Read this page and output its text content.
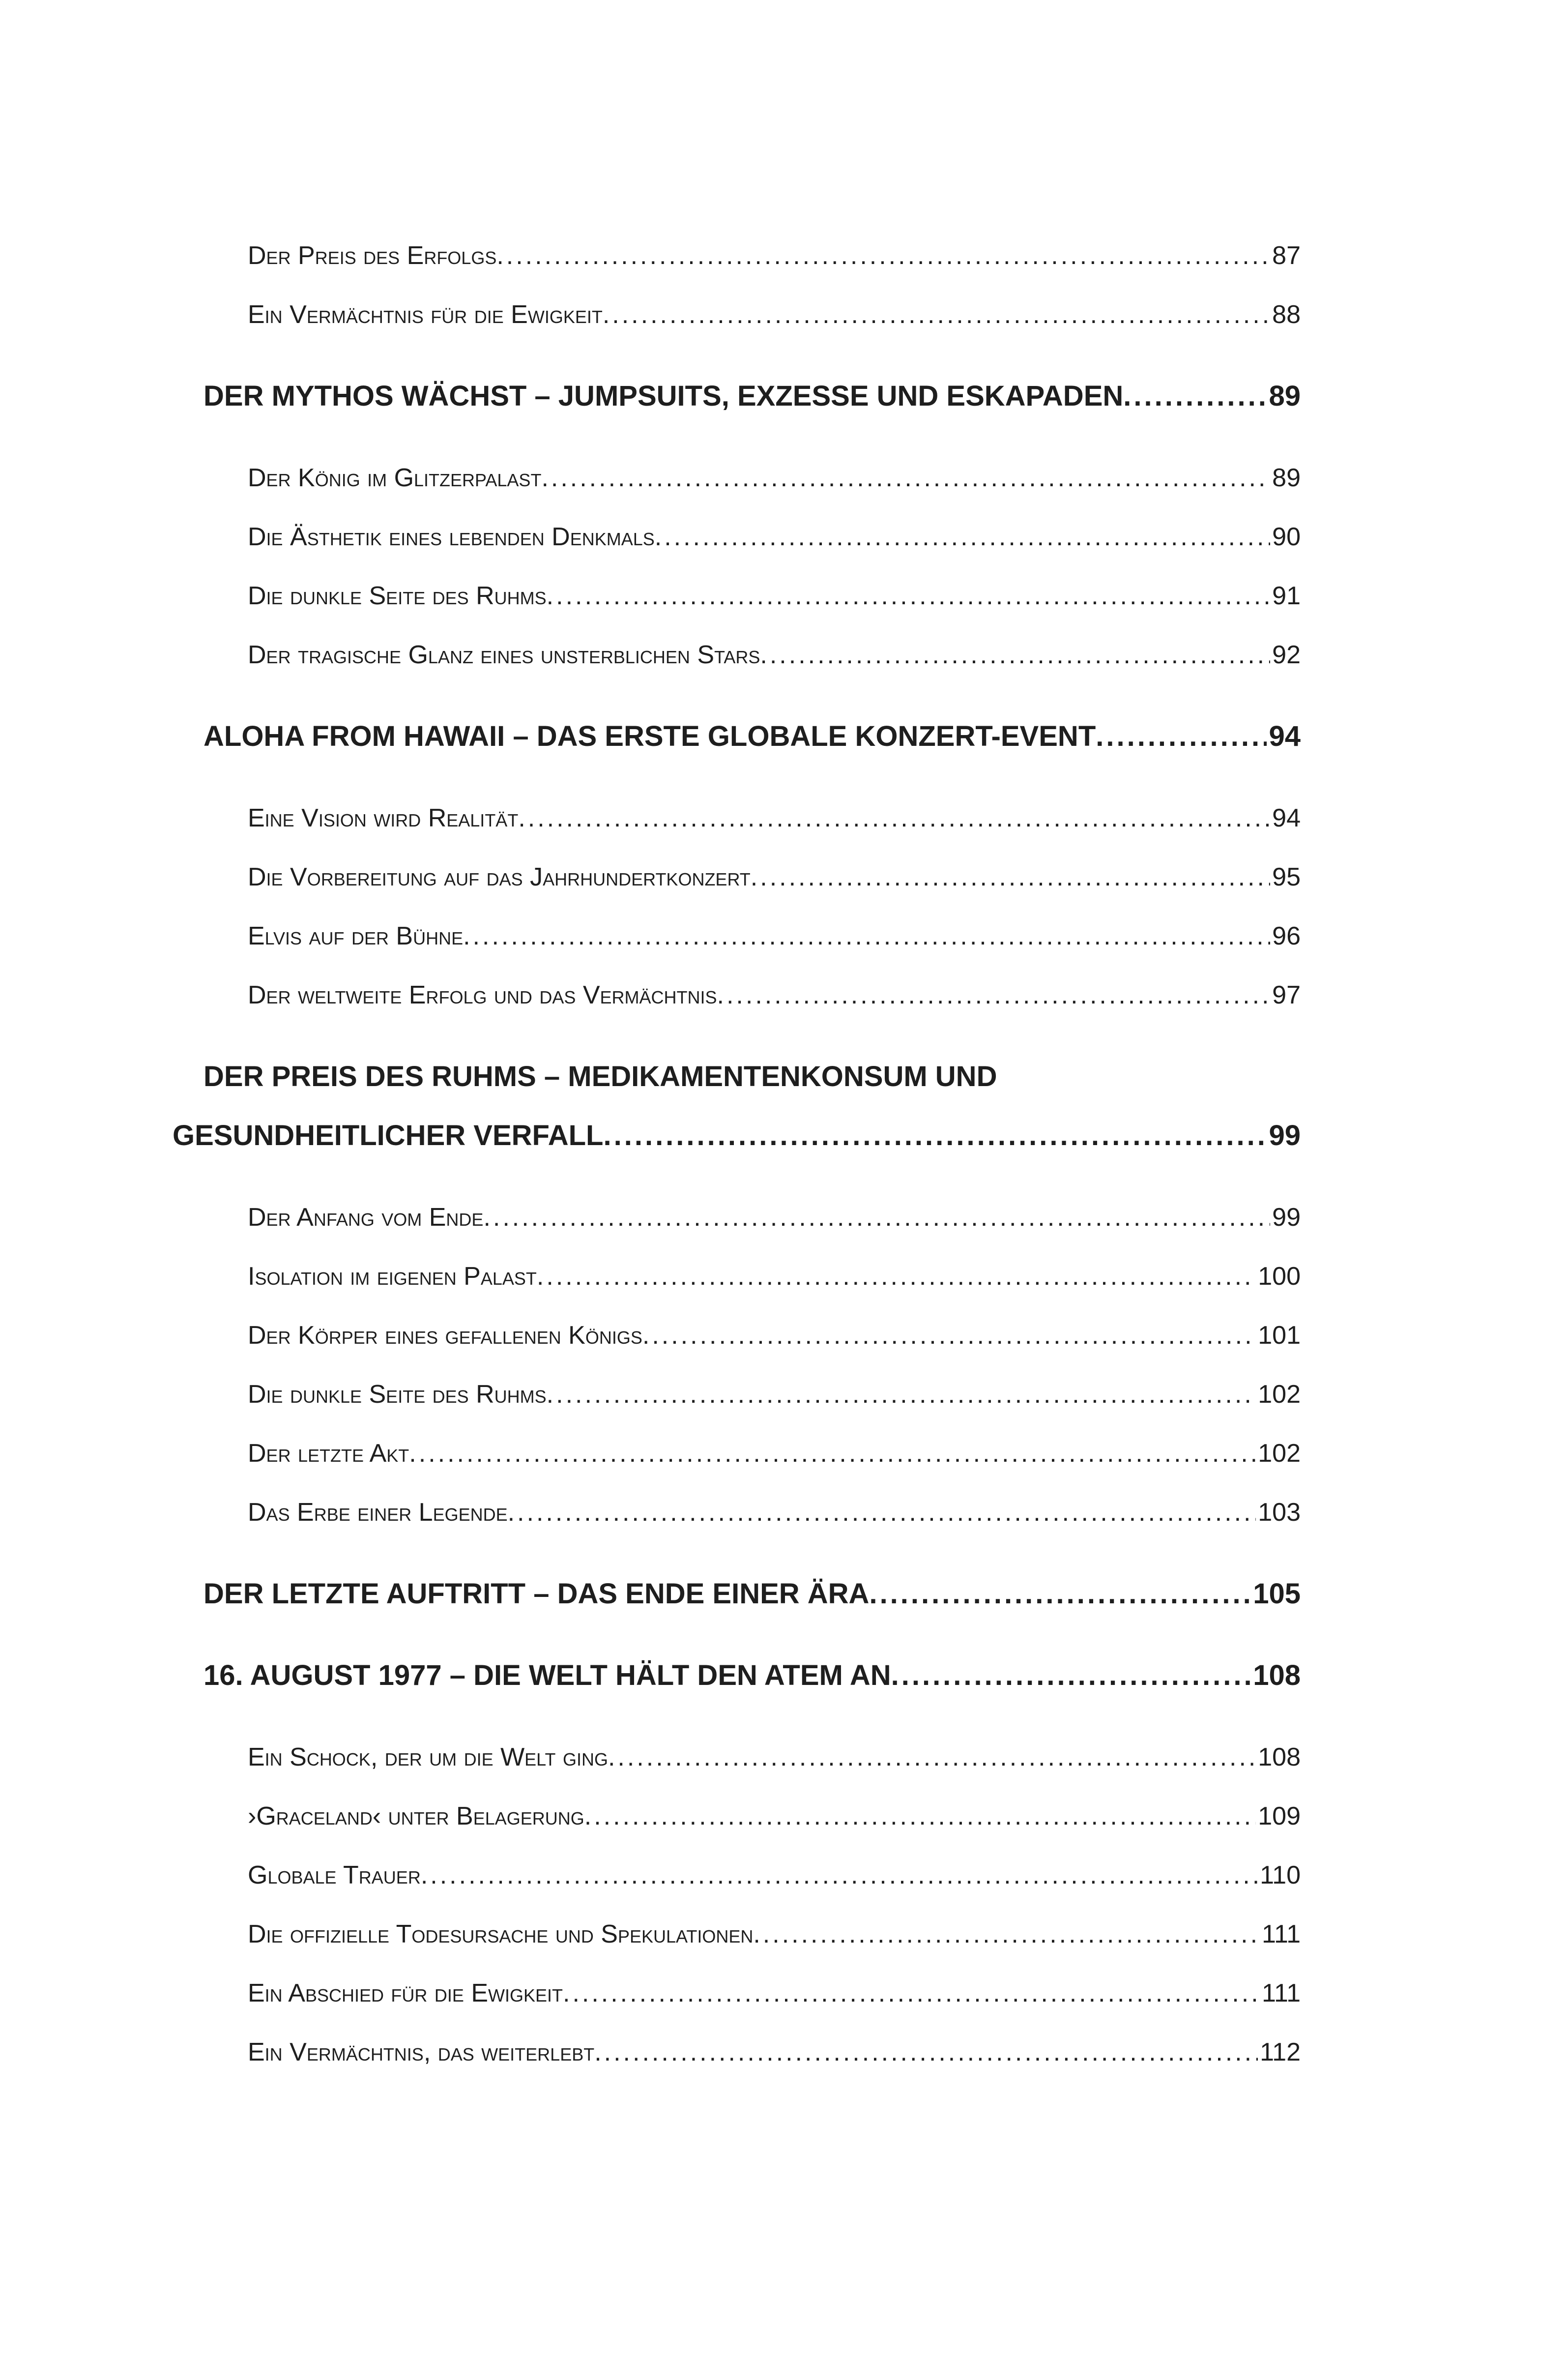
Der Preis des Erfolgs .....	87
Ein Vermächtnis für die Ewigkeit .....	88
DER MYTHOS WÄCHST – JUMPSUITS, EXZESSE UND ESKAPADEN .....	89
Der König im Glitzerpalast .....	89
Die Ästhetik eines lebenden Denkmals .....	90
Die dunkle Seite des Ruhms .....	91
Der tragische Glanz eines unsterblichen Stars .....	92
ALOHA FROM HAWAII – DAS ERSTE GLOBALE KONZERT-EVENT .....	94
Eine Vision wird Realität .....	94
Die Vorbereitung auf das Jahrhundertkonzert .....	95
Elvis auf der Bühne .....	96
Der weltweite Erfolg und das Vermächtnis .....	97
DER PREIS DES RUHMS – MEDIKAMENTENKONSUM UND
GESUNDHEITLICHER VERFALL .....	99
Der Anfang vom Ende .....	99
Isolation im eigenen Palast .....	100
Der Körper eines gefallenen Königs .....	101
Die dunkle Seite des Ruhms .....	102
Der letzte Akt .....	102
Das Erbe einer Legende .....	103
DER LETZTE AUFTRITT – DAS ENDE EINER ÄRA .....	105
16. AUGUST 1977 – DIE WELT HÄLT DEN ATEM AN .....	108
Ein Schock, der um die Welt ging .....	108
›Graceland‹ unter Belagerung .....	109
Globale Trauer .....	110
Die offizielle Todesursache und Spekulationen .....	111
Ein Abschied für die Ewigkeit .....	111
Ein Vermächtnis, das weiterlebt .....	112
